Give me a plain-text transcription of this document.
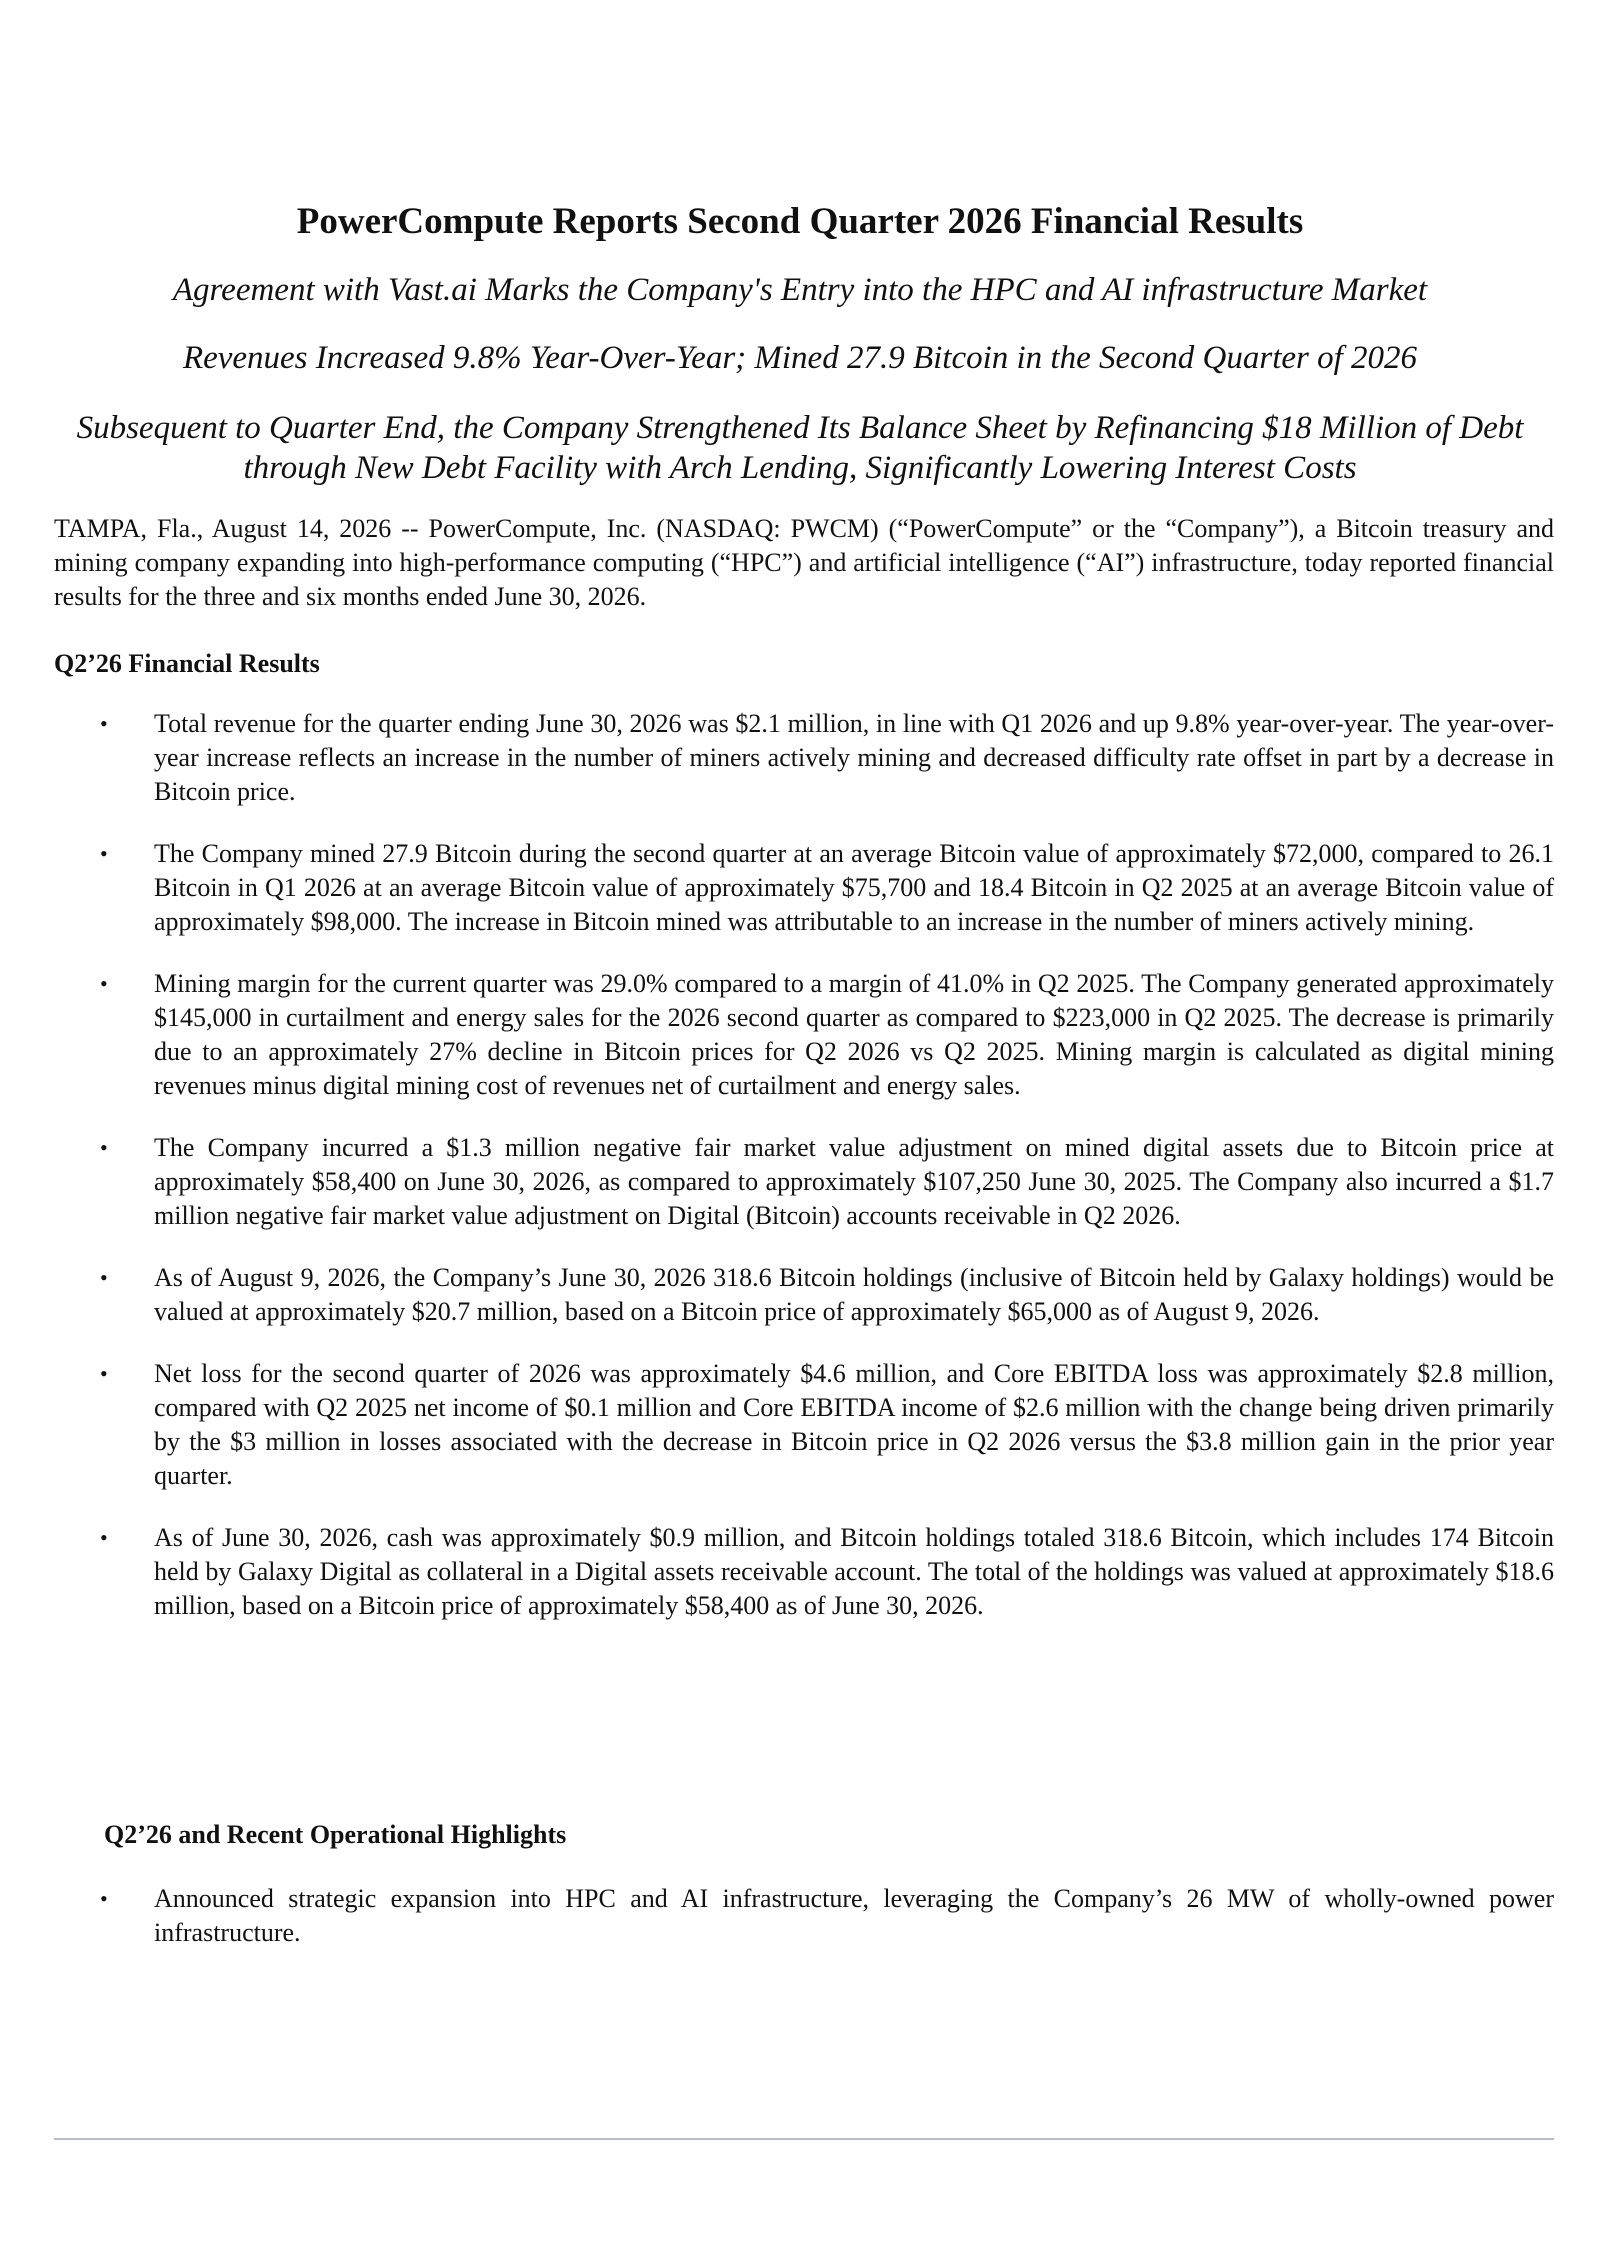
PowerCompute Reports Second Quarter 2026 Financial Results

Agreement with Vast.ai Marks the Company's Entry into the HPC and AI infrastructure Market

Revenues Increased 9.8% Year-Over-Year; Mined 27.9 Bitcoin in the Second Quarter of 2026

Subsequent to Quarter End, the Company Strengthened Its Balance Sheet by Refinancing $18 Million of Debt through New Debt Facility with Arch Lending, Significantly Lowering Interest Costs

TAMPA, Fla., August 14, 2026 -- PowerCompute, Inc. (NASDAQ: PWCM) (“PowerCompute” or the “Company”), a Bitcoin treasury and mining company expanding into high-performance computing (“HPC”) and artificial intelligence (“AI”) infrastructure, today reported financial results for the three and six months ended June 30, 2026.

Q2’26 Financial Results
• Total revenue for the quarter ending June 30, 2026 was $2.1 million, in line with Q1 2026 and up 9.8% year-over-year. The year-over-year increase reflects an increase in the number of miners actively mining and decreased difficulty rate offset in part by a decrease in Bitcoin price.
• The Company mined 27.9 Bitcoin during the second quarter at an average Bitcoin value of approximately $72,000, compared to 26.1 Bitcoin in Q1 2026 at an average Bitcoin value of approximately $75,700 and 18.4 Bitcoin in Q2 2025 at an average Bitcoin value of approximately $98,000. The increase in Bitcoin mined was attributable to an increase in the number of miners actively mining.
• Mining margin for the current quarter was 29.0% compared to a margin of 41.0% in Q2 2025. The Company generated approximately $145,000 in curtailment and energy sales for the 2026 second quarter as compared to $223,000 in Q2 2025. The decrease is primarily due to an approximately 27% decline in Bitcoin prices for Q2 2026 vs Q2 2025. Mining margin is calculated as digital mining revenues minus digital mining cost of revenues net of curtailment and energy sales.
• The Company incurred a $1.3 million negative fair market value adjustment on mined digital assets due to Bitcoin price at approximately $58,400 on June 30, 2026, as compared to approximately $107,250 June 30, 2025. The Company also incurred a $1.7 million negative fair market value adjustment on Digital (Bitcoin) accounts receivable in Q2 2026.
• As of August 9, 2026, the Company’s June 30, 2026 318.6 Bitcoin holdings (inclusive of Bitcoin held by Galaxy holdings) would be valued at approximately $20.7 million, based on a Bitcoin price of approximately $65,000 as of August 9, 2026.
• Net loss for the second quarter of 2026 was approximately $4.6 million, and Core EBITDA loss was approximately $2.8 million, compared with Q2 2025 net income of $0.1 million and Core EBITDA income of $2.6 million with the change being driven primarily by the $3 million in losses associated with the decrease in Bitcoin price in Q2 2026 versus the $3.8 million gain in the prior year quarter.
• As of June 30, 2026, cash was approximately $0.9 million, and Bitcoin holdings totaled 318.6 Bitcoin, which includes 174 Bitcoin held by Galaxy Digital as collateral in a Digital assets receivable account. The total of the holdings was valued at approximately $18.6 million, based on a Bitcoin price of approximately $58,400 as of June 30, 2026.
Q2’26 and Recent Operational Highlights
• Announced strategic expansion into HPC and AI infrastructure, leveraging the Company’s 26 MW of wholly-owned power infrastructure.
